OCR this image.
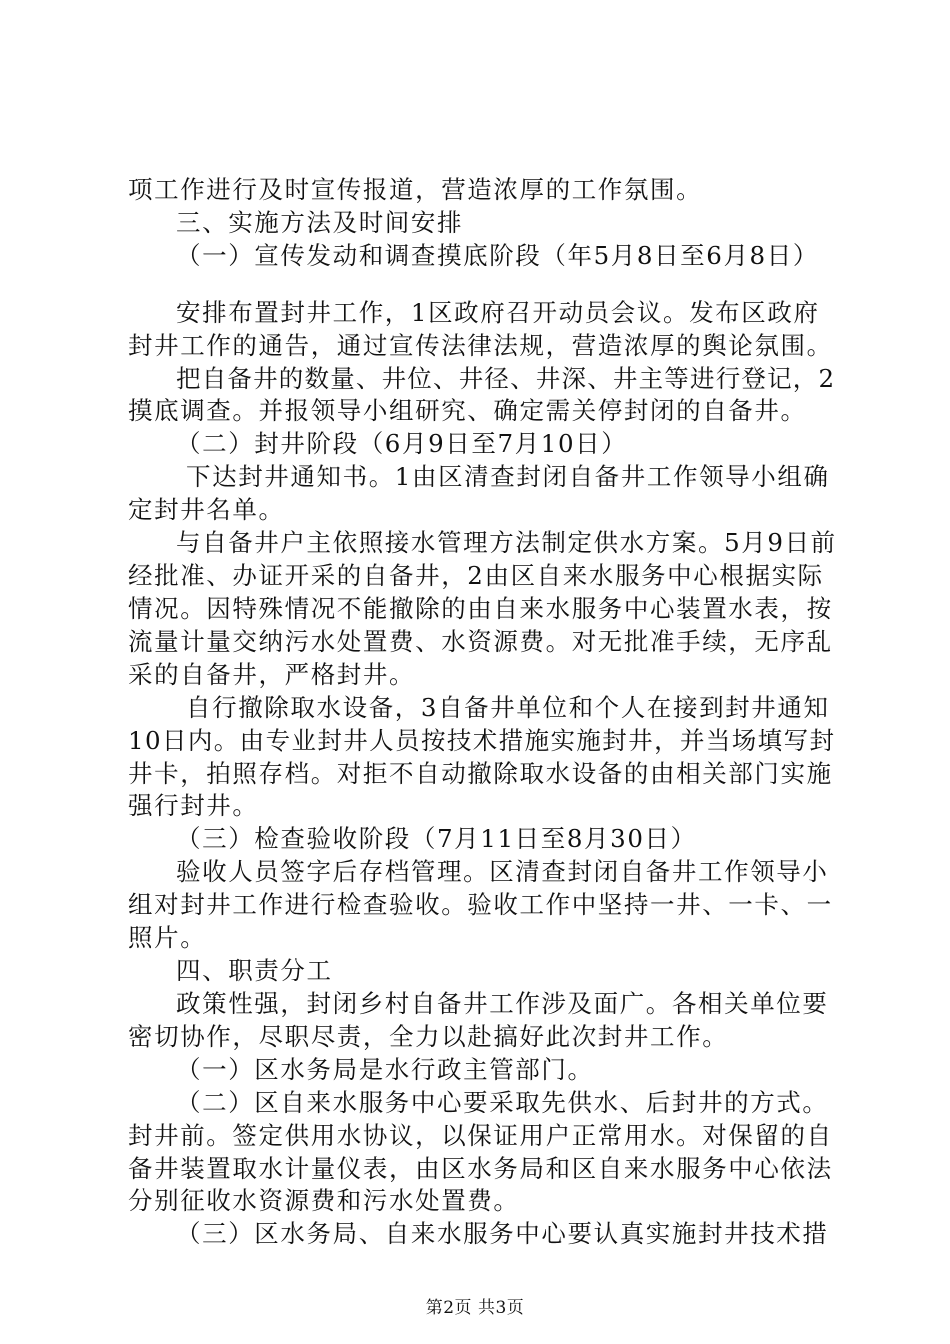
项工作进行及时宣传报道，营造浓厚的工作氛围。
三、实施方法及时间安排
（一）宣传发动和调查摸底阶段（年5月8日至6月8日）
安排布置封井工作，1区政府召开动员会议。发布区政府
封井工作的通告，通过宣传法律法规，营造浓厚的舆论氛围。
把自备井的数量、井位、井径、井深、井主等进行登记，2
摸底调查。并报领导小组研究、确定需关停封闭的自备井。
（二）封井阶段（6月9日至7月10日）
下达封井通知书。1由区清查封闭自备井工作领导小组确
定封井名单。
与自备井户主依照接水管理方法制定供水方案。5月9日前
经批准、办证开采的自备井，2由区自来水服务中心根据实际
情况。因特殊情况不能撤除的由自来水服务中心装置水表，按
流量计量交纳污水处置费、水资源费。对无批准手续，无序乱
采的自备井，严格封井。
自行撤除取水设备，3自备井单位和个人在接到封井通知
10日内。由专业封井人员按技术措施实施封井，并当场填写封
井卡，拍照存档。对拒不自动撤除取水设备的由相关部门实施
强行封井。
（三）检查验收阶段（7月11日至8月30日）
验收人员签字后存档管理。区清查封闭自备井工作领导小
组对封井工作进行检查验收。验收工作中坚持一井、一卡、一
照片。
四、职责分工
政策性强，封闭乡村自备井工作涉及面广。各相关单位要
密切协作，尽职尽责，全力以赴搞好此次封井工作。
（一）区水务局是水行政主管部门。
（二）区自来水服务中心要采取先供水、后封井的方式。
封井前。签定供用水协议，以保证用户正常用水。对保留的自
备井装置取水计量仪表，由区水务局和区自来水服务中心依法
分别征收水资源费和污水处置费。
（三）区水务局、自来水服务中心要认真实施封井技术措
第2页 共3页
